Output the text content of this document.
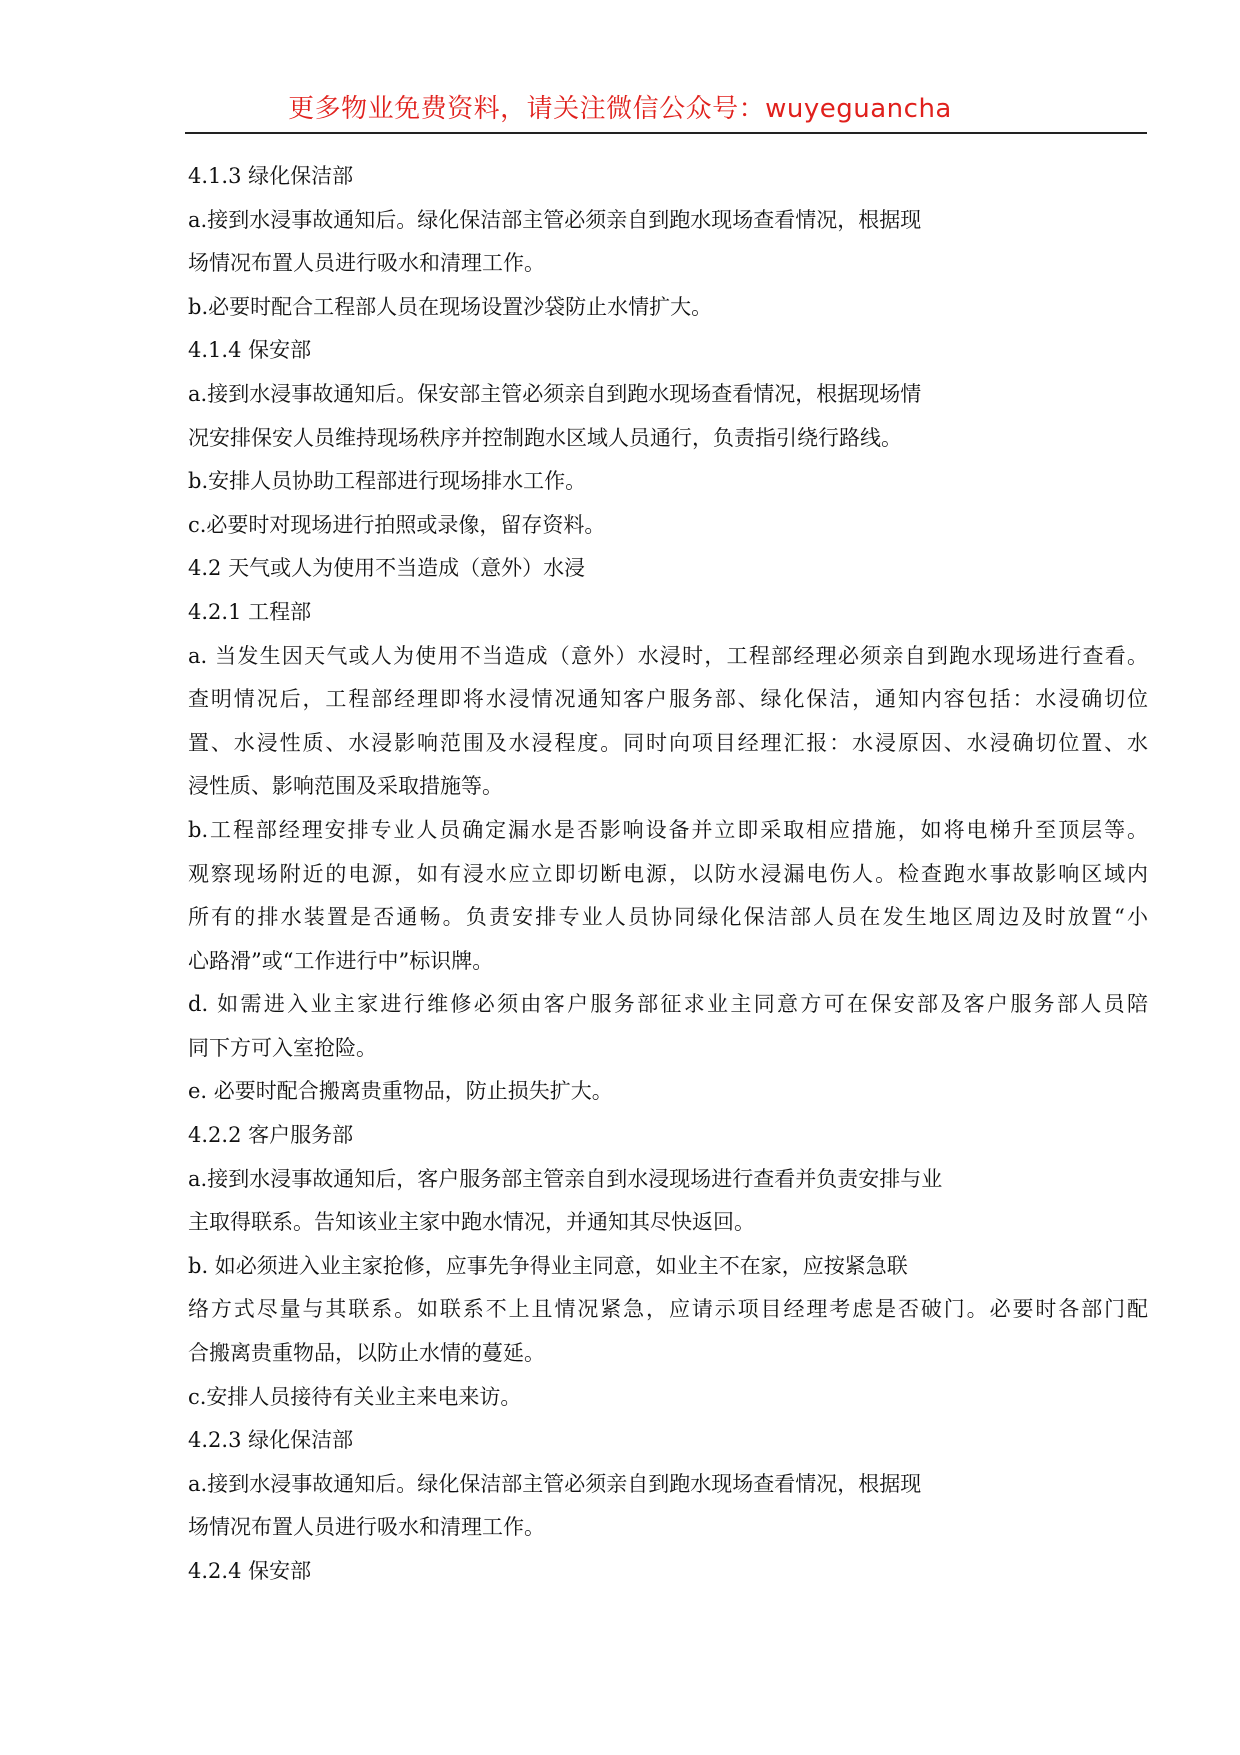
更多物业免费资料，请关注微信公众号：wuyeguancha
4.1.3 绿化保洁部
a.接到水浸事故通知后。绿化保洁部主管必须亲自到跑水现场查看情况，根据现
场情况布置人员进行吸水和清理工作。
b.必要时配合工程部人员在现场设置沙袋防止水情扩大。
4.1.4 保安部
a.接到水浸事故通知后。保安部主管必须亲自到跑水现场查看情况，根据现场情
况安排保安人员维持现场秩序并控制跑水区域人员通行，负责指引绕行路线。
b.安排人员协助工程部进行现场排水工作。
c.必要时对现场进行拍照或录像，留存资料。
4.2 天气或人为使用不当造成（意外）水浸
4.2.1 工程部
a. 当发生因天气或人为使用不当造成（意外）水浸时，工程部经理必须亲自到跑水现场进行查看。
查明情况后，工程部经理即将水浸情况通知客户服务部、绿化保洁，通知内容包括：水浸确切位
置、水浸性质、水浸影响范围及水浸程度。同时向项目经理汇报：水浸原因、水浸确切位置、水
浸性质、影响范围及采取措施等。
b.工程部经理安排专业人员确定漏水是否影响设备并立即采取相应措施，如将电梯升至顶层等。
观察现场附近的电源，如有浸水应立即切断电源，以防水浸漏电伤人。检查跑水事故影响区域内
所有的排水装置是否通畅。负责安排专业人员协同绿化保洁部人员在发生地区周边及时放置“小
心路滑”或“工作进行中”标识牌。
d. 如需进入业主家进行维修必须由客户服务部征求业主同意方可在保安部及客户服务部人员陪
同下方可入室抢险。
e. 必要时配合搬离贵重物品，防止损失扩大。
4.2.2 客户服务部
a.接到水浸事故通知后，客户服务部主管亲自到水浸现场进行查看并负责安排与业
主取得联系。告知该业主家中跑水情况，并通知其尽快返回。
b. 如必须进入业主家抢修，应事先争得业主同意，如业主不在家，应按紧急联
络方式尽量与其联系。如联系不上且情况紧急，应请示项目经理考虑是否破门。必要时各部门配
合搬离贵重物品，以防止水情的蔓延。
c.安排人员接待有关业主来电来访。
4.2.3 绿化保洁部
a.接到水浸事故通知后。绿化保洁部主管必须亲自到跑水现场查看情况，根据现
场情况布置人员进行吸水和清理工作。
4.2.4 保安部
